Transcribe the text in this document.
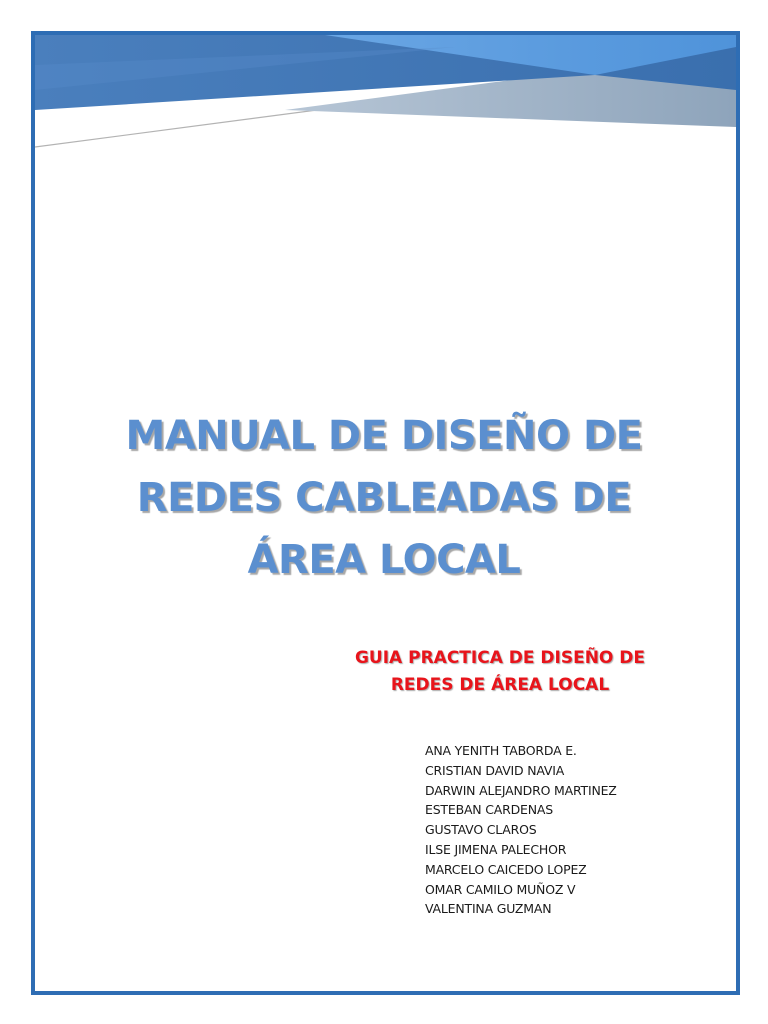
MANUAL DE DISEÑO DE
REDES CABLEADAS DE
ÁREA LOCAL
GUIA PRACTICA DE DISEÑO DE
REDES DE ÁREA LOCAL
ANA YENITH TABORDA E.
CRISTIAN DAVID NAVIA
DARWIN ALEJANDRO MARTINEZ
ESTEBAN CARDENAS
GUSTAVO CLAROS
ILSE JIMENA PALECHOR
MARCELO CAICEDO LOPEZ
OMAR CAMILO MUÑOZ V
VALENTINA GUZMAN
